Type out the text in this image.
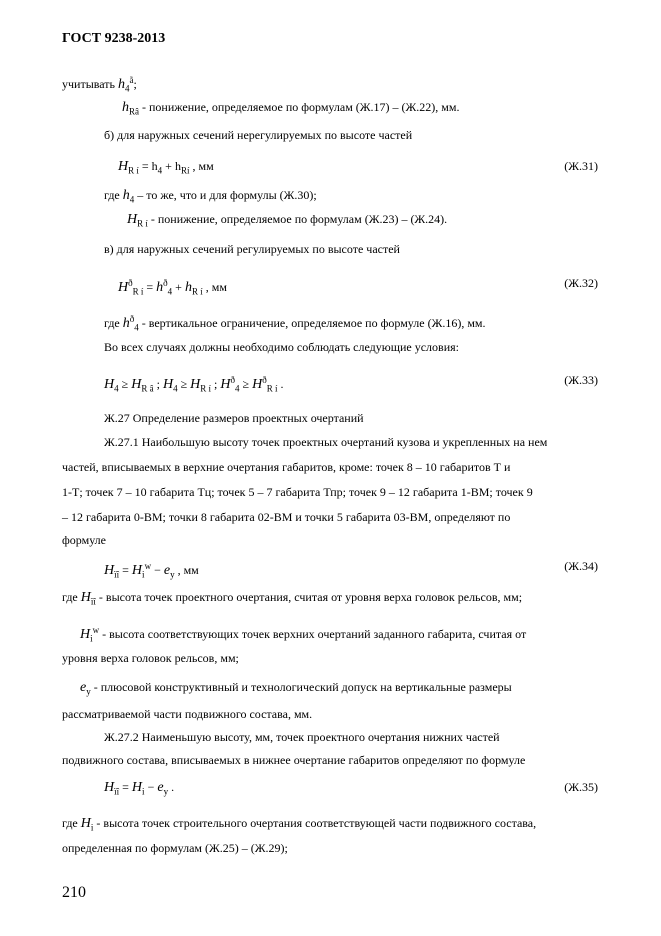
ГОСТ 9238-2013
учитывать $h_4^ã$;
$h_{Râ}$ - понижение, определяемое по формулам (Ж.17) – (Ж.22), мм.
б) для наружных сечений нерегулируемых по высоте частей
$H_{R í} = h_4 + h_{Rí}$ , мм	(Ж.31)
где $h_4$ – то же, что и для формулы (Ж.30);
$H_{R í}$ - понижение, определяемое по формулам (Ж.23) – (Ж.24).
в) для наружных сечений регулируемых по высоте частей
$H^ð_{R í} = h^ð_4 + h_{R í}$ , мм	(Ж.32)
где $h^ð_4$ - вертикальное ограничение, определяемое по формуле (Ж.16), мм.
Во всех случаях должны необходимо соблюдать следующие условия:
$H_4 \ge H_{R â}$ ; $H_4 \ge H_{R í}$ ; $H^ð_4 \ge H^ð_{R í}$ .	(Ж.33)
Ж.27 Определение размеров проектных очертаний
Ж.27.1 Наибольшую высоту точек проектных очертаний кузова и укрепленных на нем
частей, вписываемых в верхние очертания габаритов, кроме: точек 8 – 10 габаритов Т и
1-Т; точек 7 – 10 габарита Тц; точек 5 – 7 габарита Тпр; точек 9 – 12 габарита 1-ВМ; точек 9
– 12 габарита 0-ВМ; точки 8 габарита 02-ВМ и точки 5 габарита 03-ВМ, определяют по
формуле
$H_{ïî} = H_i^w - e_y$ , мм	(Ж.34)
где $H_{ïî}$ - высота точек проектного очертания, считая от уровня верха головок рельсов, мм;
$H_i^w$ - высота соответствующих точек верхних очертаний заданного габарита, считая от
уровня верха головок рельсов, мм;
$e_y$ - плюсовой конструктивный и технологический допуск на вертикальные размеры
рассматриваемой части подвижного состава, мм.
Ж.27.2 Наименьшую высоту, мм, точек проектного очертания нижних частей
подвижного состава, вписываемых в нижнее очертание габаритов определяют по формуле
$H_{ïî} = H_i - e_y$ .	(Ж.35)
где $H_i$ - высота точек строительного очертания соответствующей части подвижного состава,
определенная по формулам (Ж.25) – (Ж.29);
210
